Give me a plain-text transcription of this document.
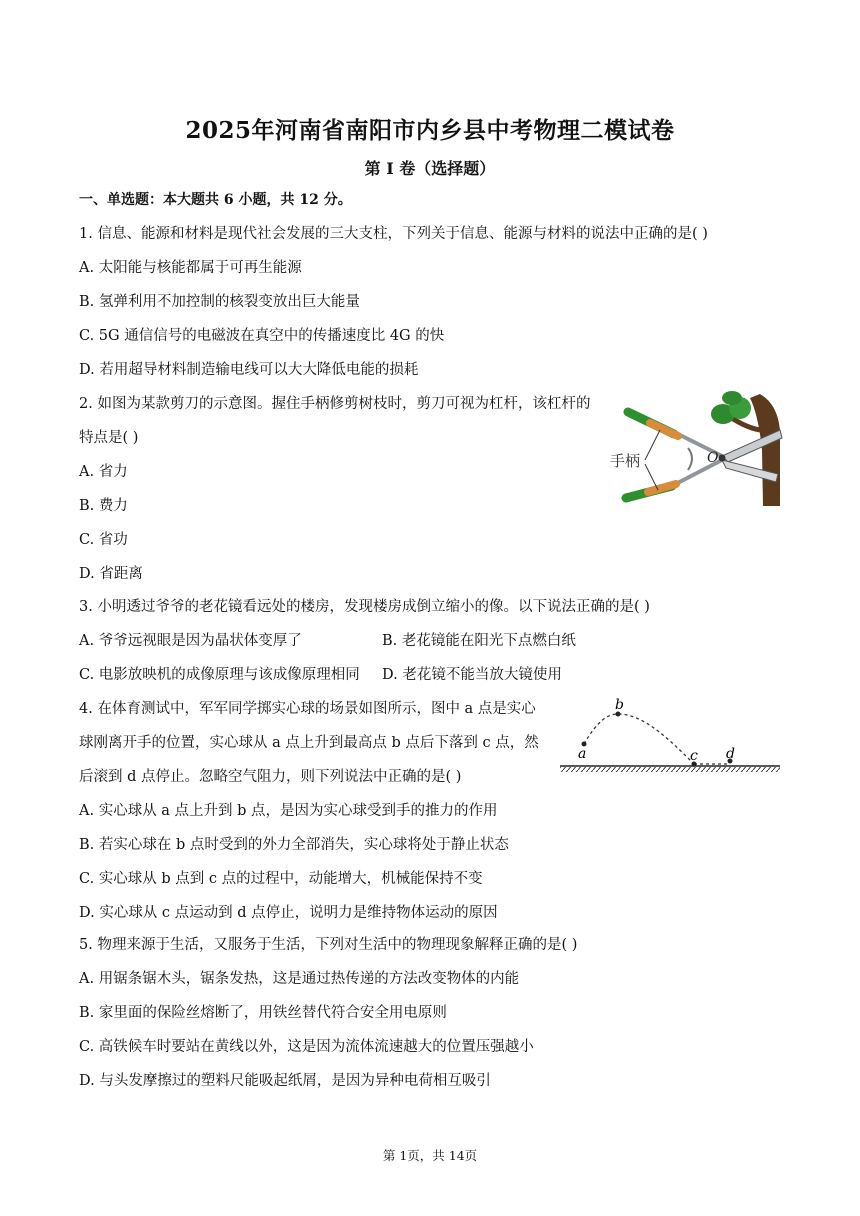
2025年河南省南阳市内乡县中考物理二模试卷
第 I 卷（选择题）
一、单选题：本大题共 6 小题，共 12 分。
1. 信息、能源和材料是现代社会发展的三大支柱，下列关于信息、能源与材料的说法中正确的是( )
A. 太阳能与核能都属于可再生能源
B. 氢弹利用不加控制的核裂变放出巨大能量
C. 5G 通信信号的电磁波在真空中的传播速度比 4G 的快
D. 若用超导材料制造输电线可以大大降低电能的损耗
2. 如图为某款剪刀的示意图。握住手柄修剪树枝时，剪刀可视为杠杆，该杠杆的
特点是( )
A. 省力
B. 费力
C. 省功
D. 省距离
手柄	O
3. 小明透过爷爷的老花镜看远处的楼房，发现楼房成倒立缩小的像。以下说法正确的是( )
A. 爷爷远视眼是因为晶状体变厚了	B. 老花镜能在阳光下点燃白纸
C. 电影放映机的成像原理与该成像原理相同 D. 老花镜不能当放大镜使用
4. 在体育测试中，军军同学掷实心球的场景如图所示，图中 a 点是实心
球刚离开手的位置，实心球从 a 点上升到最高点 b 点后下落到 c 点，然
后滚到 d 点停止。忽略空气阻力，则下列说法中正确的是( )
A. 实心球从 a 点上升到 b 点，是因为实心球受到手的推力的作用
B. 若实心球在 b 点时受到的外力全部消失，实心球将处于静止状态
C. 实心球从 b 点到 c 点的过程中，动能增大，机械能保持不变
D. 实心球从 c 点运动到 d 点停止，说明力是维持物体运动的原因
a
b
c d
5. 物理来源于生活，又服务于生活，下列对生活中的物理现象解释正确的是( )
A. 用锯条锯木头，锯条发热，这是通过热传递的方法改变物体的内能
B. 家里面的保险丝熔断了，用铁丝替代符合安全用电原则
C. 高铁候车时要站在黄线以外，这是因为流体流速越大的位置压强越小
D. 与头发摩擦过的塑料尺能吸起纸屑，是因为异种电荷相互吸引
第 1页，共 14页
